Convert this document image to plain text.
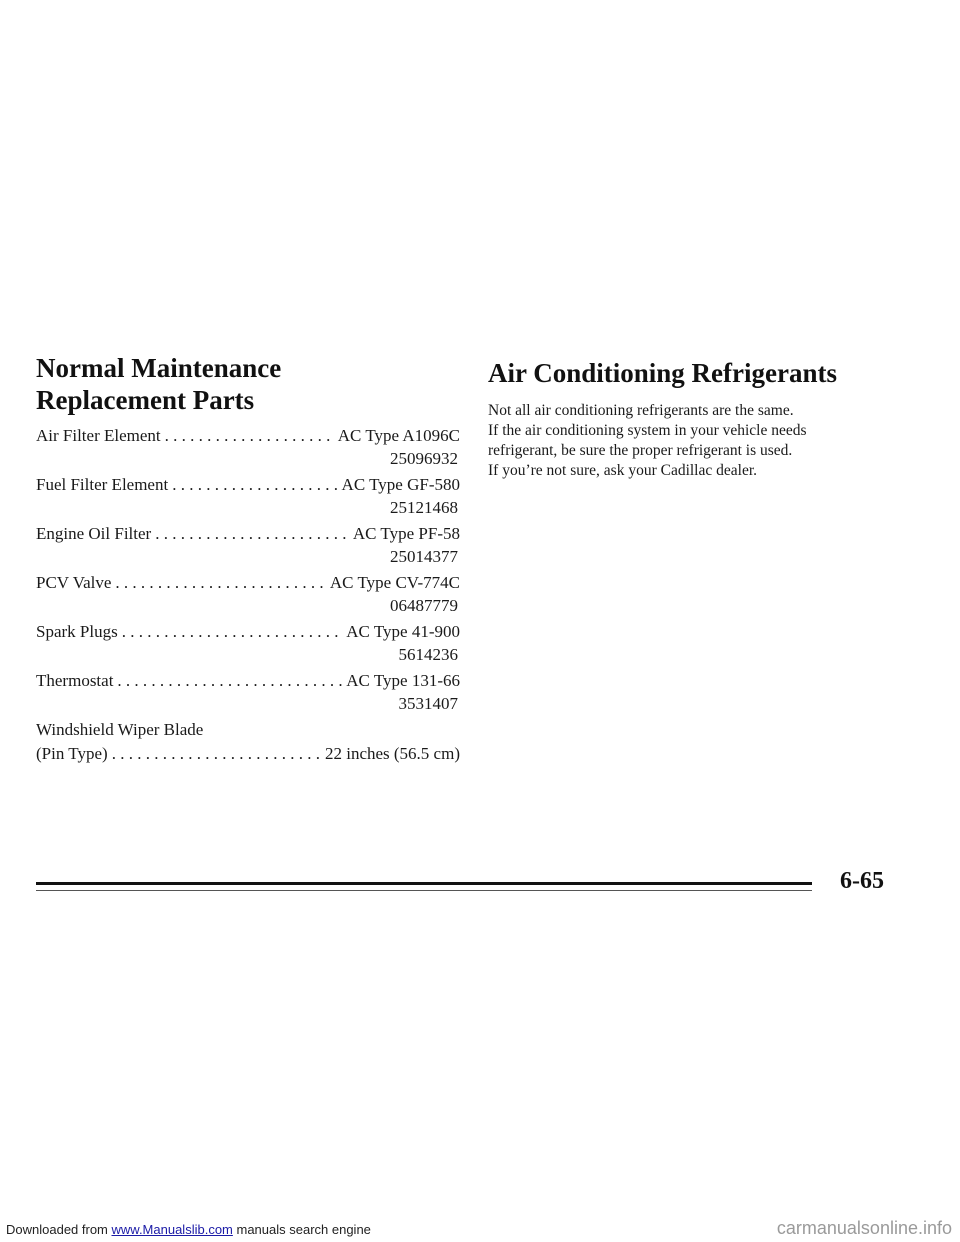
Normal Maintenance Replacement Parts
Air Filter Element . . .	AC Type A1096C
25096932
Fuel Filter Element . . .	AC Type GF-580
25121468
Engine Oil Filter . . .	AC Type PF-58
25014377
PCV Valve . . .	AC Type CV-774C
06487779
Spark Plugs . . .	AC Type 41-900
5614236
Thermostat . . .	AC Type 131-66
3531407
Windshield Wiper Blade
(Pin Type) . . .	22 inches (56.5 cm)
Air Conditioning Refrigerants

Not all air conditioning refrigerants are the same.

If the air conditioning system in your vehicle needs

refrigerant, be sure the proper refrigerant is used.

If you’re not sure, ask your Cadillac dealer.

6-65
Downloaded from www.Manualslib.com manuals search engine	carmanualsonline.info
